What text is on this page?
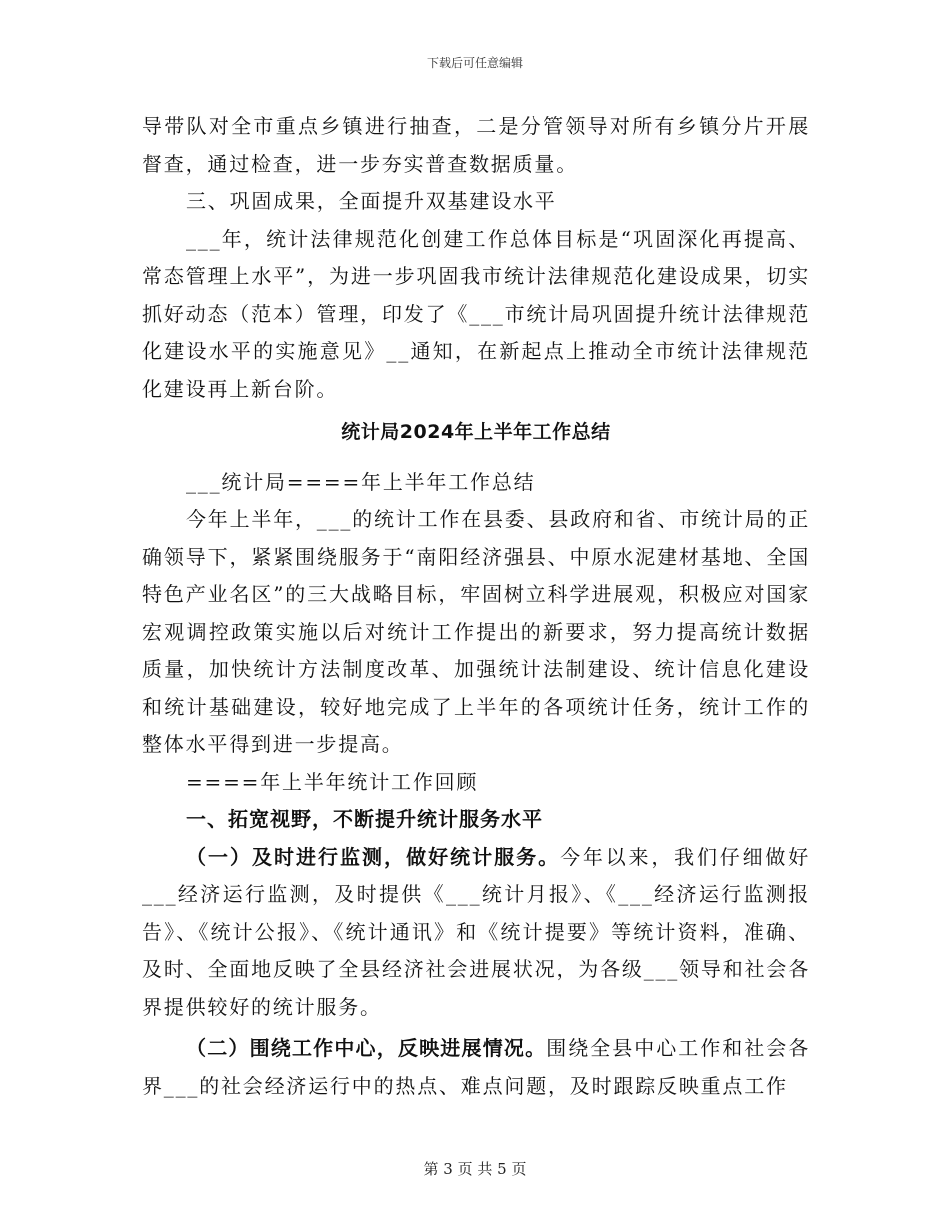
下载后可任意编辑

导带队对全市重点乡镇进行抽查，二是分管领导对所有乡镇分片开展督查，通过检查，进一步夯实普查数据质量。

三、巩固成果，全面提升双基建设水平

___年，统计法律规范化创建工作总体目标是“巩固深化再提高、常态管理上水平”，为进一步巩固我市统计法律规范化建设成果，切实抓好动态（范本）管理，印发了《___市统计局巩固提升统计法律规范化建设水平的实施意见》__通知，在新起点上推动全市统计法律规范化建设再上新台阶。

统计局2024年上半年工作总结

___统计局====年上半年工作总结

今年上半年，___的统计工作在县委、县政府和省、市统计局的正确领导下，紧紧围绕服务于“南阳经济强县、中原水泥建材基地、全国特色产业名区”的三大战略目标，牢固树立科学进展观，积极应对国家宏观调控政策实施以后对统计工作提出的新要求，努力提高统计数据质量，加快统计方法制度改革、加强统计法制建设、统计信息化建设和统计基础建设，较好地完成了上半年的各项统计任务，统计工作的整体水平得到进一步提高。

====年上半年统计工作回顾

一、拓宽视野，不断提升统计服务水平

（一）及时进行监测，做好统计服务。今年以来，我们仔细做好___经济运行监测，及时提供《___统计月报》、《___经济运行监测报告》、《统计公报》、《统计通讯》和《统计提要》等统计资料，准确、及时、全面地反映了全县经济社会进展状况，为各级___领导和社会各界提供较好的统计服务。

（二）围绕工作中心，反映进展情况。围绕全县中心工作和社会各界___的社会经济运行中的热点、难点问题，及时跟踪反映重点工作

第 3 页 共 5 页
